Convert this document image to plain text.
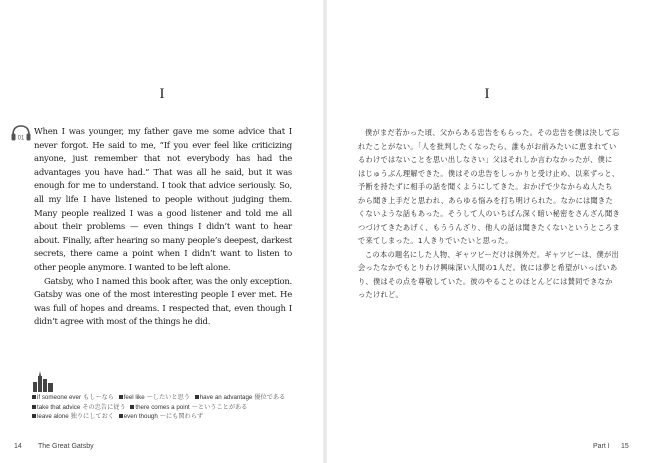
I
01

When I was younger, my father gave me some advice that I never forgot. He said to me, “If you ever feel like criticizing anyone, just remember that not everybody has had the advantages you have had.” That was all he said, but it was enough for me to understand. I took that advice seriously. So, all my life I have listened to people without judging them. Many people realized I was a good listener and told me all about their problems — even things I didn’t want to hear about. Finally, after hearing so many people’s deepest, darkest secrets, there came a point when I didn’t want to listen to other people anymore. I wanted to be left alone.

Gatsby, who I named this book after, was the only exception. Gatsby was one of the most interesting people I ever met. He was full of hopes and dreams. I respected that, even though I didn’t agree with most of the things he did.

if someone ever もし～なら feel like ～したいと思う have an advantage 優位である
take that advice その忠告に従う there comes a point ～ということがある
leave alone 独りにしておく even though ～にも関わらず
14 The Great Gatsby
I

僕がまだ若かった頃、父からある忠告をもらった。その忠告を僕は決して忘れたことがない。「人を批判したくなったら、誰もがお前みたいに恵まれているわけではないことを思い出しなさい」父はそれしか言わなかったが、僕にはじゅうぶん理解できた。僕はその忠告をしっかりと受け止め、以来ずっと、予断を持たずに相手の話を聞くようにしてきた。おかげで少なからぬ人たちから聞き上手だと思われ、あらゆる悩みを打ち明けられた。なかには聞きたくないような話もあった。そうして人のいちばん深く暗い秘密をさんざん聞きつづけてきたあげく、もううんざり、他人の話は聞きたくないというところまで来てしまった。1人きりでいたいと思った。

この本の題名にした人物、ギャツビーだけは例外だ。ギャツビーは、僕が出会ったなかでもとりわけ興味深い人間の1人だ。彼には夢と希望がいっぱいあり、僕はその点を尊敬していた。彼のやることのほとんどには賛同できなかったけれど。

Part I 15
